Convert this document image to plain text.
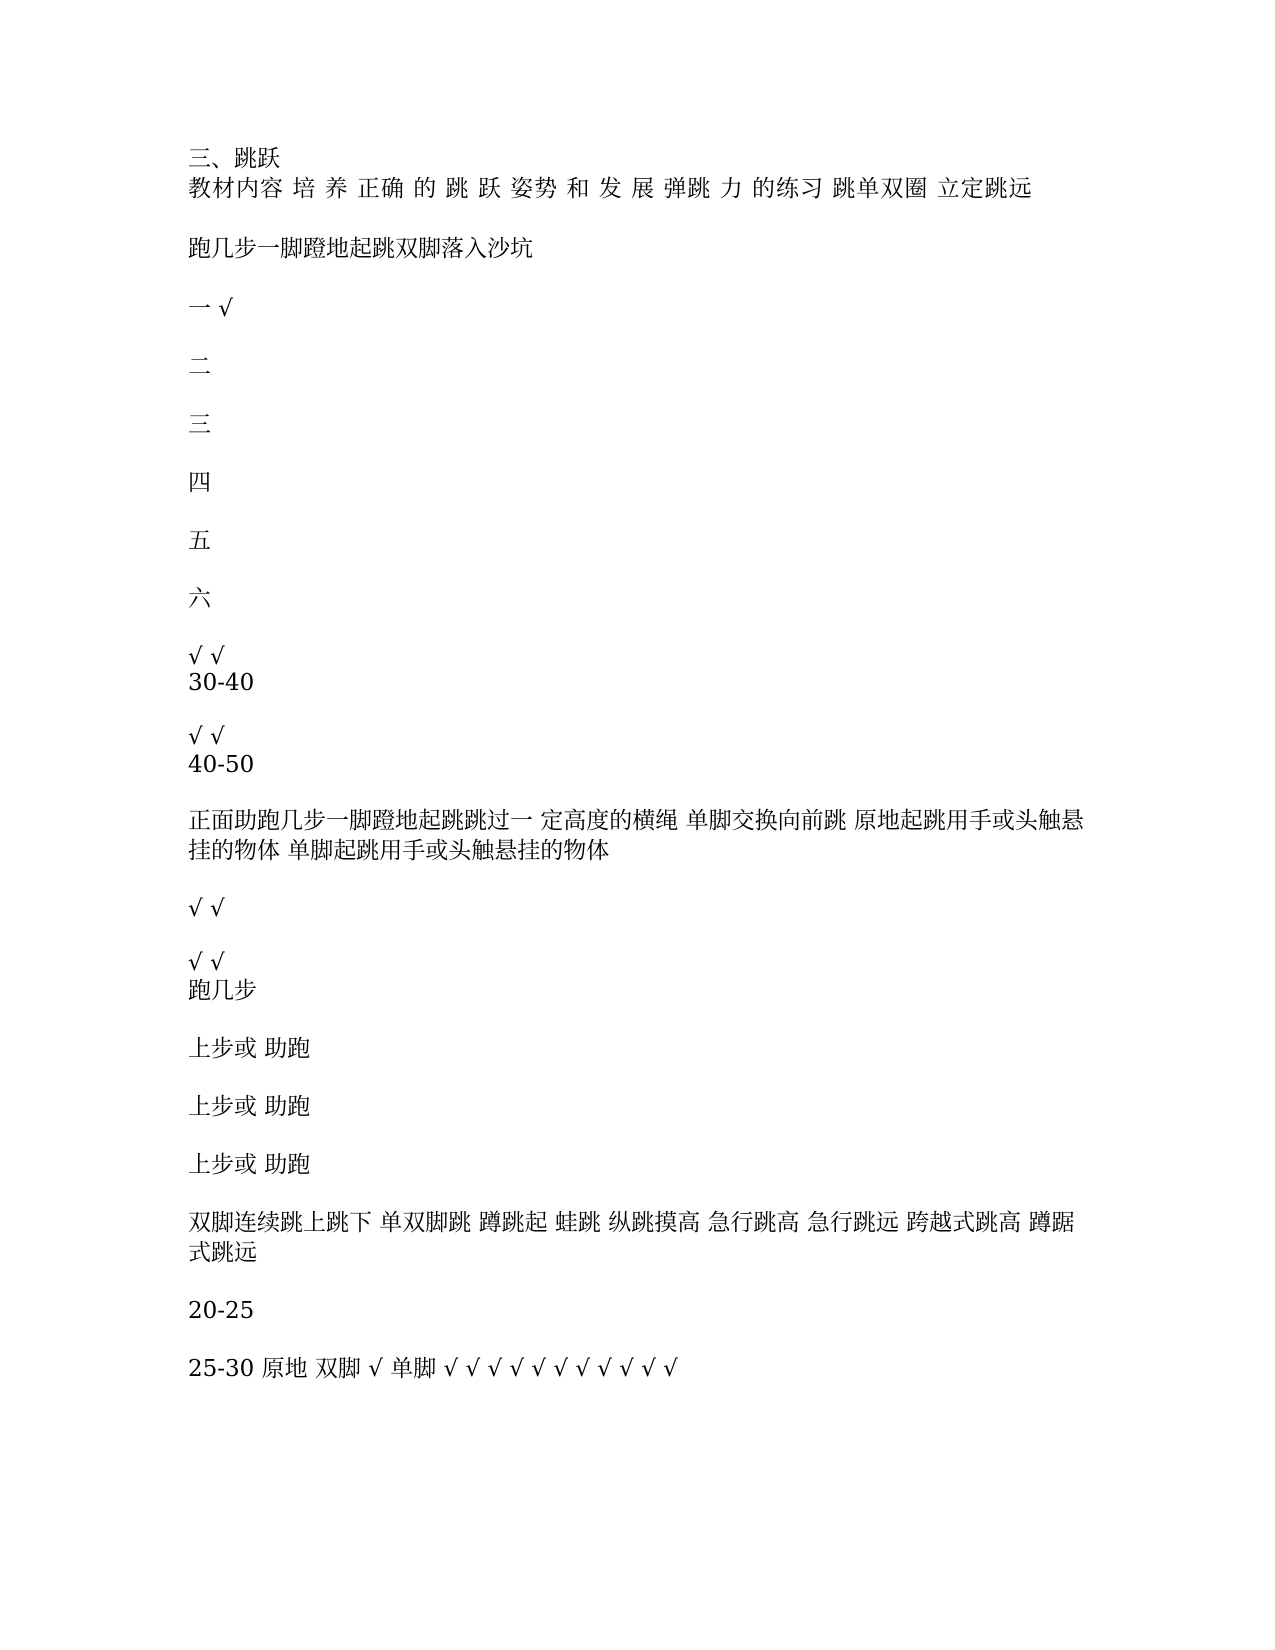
三、跳跃
教材内容 培 养 正确 的 跳 跃 姿势 和 发 展 弹跳 力 的练习 跳单双圈 立定跳远
跑几步一脚蹬地起跳双脚落入沙坑
一 √
二
三
四
五
六
√ √
30-40
√ √
40-50
正面助跑几步一脚蹬地起跳跳过一 定高度的横绳 单脚交换向前跳 原地起跳用手或头触悬挂的物体 单脚起跳用手或头触悬挂的物体
√ √
√ √
跑几步
上步或 助跑
上步或 助跑
上步或 助跑
双脚连续跳上跳下 单双脚跳 蹲跳起 蛙跳 纵跳摸高 急行跳高 急行跳远 跨越式跳高 蹲踞式跳远
20-25
25-30 原地 双脚 √ 单脚 √ √ √ √ √ √ √ √ √ √ √
